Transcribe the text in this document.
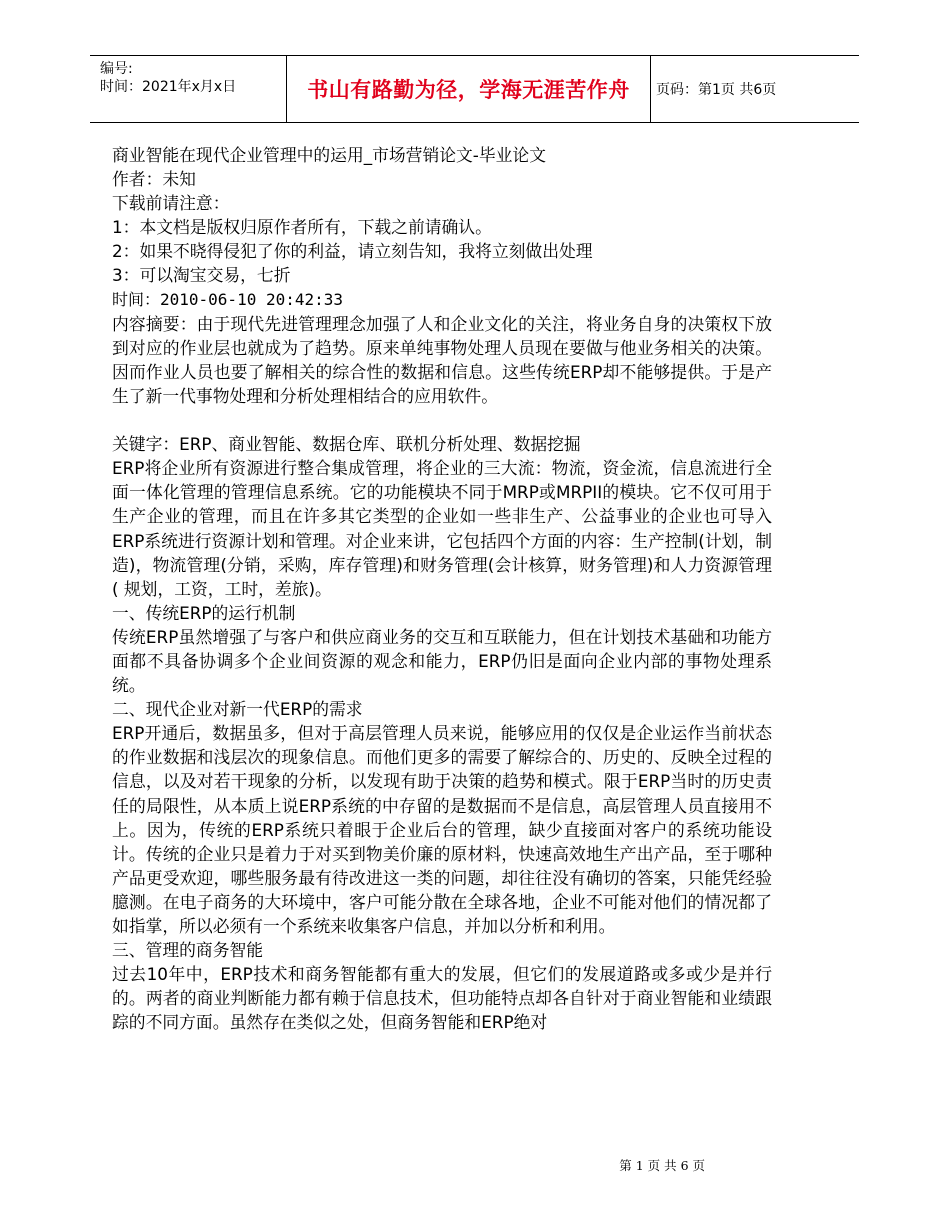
编号:
时间：2021年x月x日	书山有路勤为径，学海无涯苦作舟 页码：第1页 共6页

商业智能在现代企业管理中的运用_市场营销论文-毕业论文

作者：未知

下载前请注意：

1：本文档是版权归原作者所有，下载之前请确认。

2：如果不晓得侵犯了你的利益，请立刻告知，我将立刻做出处理

3：可以淘宝交易，七折

时间：2010-06-10 20:42:33

内容摘要：由于现代先进管理理念加强了人和企业文化的关注，将业务自身的决策权下放到对应的作业层也就成为了趋势。原来单纯事物处理人员现在要做与他业务相关的决策。因而作业人员也要了解相关的综合性的数据和信息。这些传统ERP却不能够提供。于是产生了新一代事物处理和分析处理相结合的应用软件。

关键字：ERP、商业智能、数据仓库、联机分析处理、数据挖掘

ERP将企业所有资源进行整合集成管理，将企业的三大流：物流，资金流，信息流进行全面一体化管理的管理信息系统。它的功能模块不同于MRP或MRPII的模块。它不仅可用于生产企业的管理，而且在许多其它类型的企业如一些非生产、公益事业的企业也可导入ERP系统进行资源计划和管理。对企业来讲，它包括四个方面的内容：生产控制(计划，制造)，物流管理(分销，采购，库存管理)和财务管理(会计核算，财务管理)和人力资源管理( 规划，工资，工时，差旅)。

一、传统ERP的运行机制

传统ERP虽然增强了与客户和供应商业务的交互和互联能力，但在计划技术基础和功能方面都不具备协调多个企业间资源的观念和能力，ERP仍旧是面向企业内部的事物处理系统。

二、现代企业对新一代ERP的需求

ERP开通后，数据虽多，但对于高层管理人员来说，能够应用的仅仅是企业运作当前状态的作业数据和浅层次的现象信息。而他们更多的需要了解综合的、历史的、反映全过程的信息，以及对若干现象的分析，以发现有助于决策的趋势和模式。限于ERP当时的历史责任的局限性，从本质上说ERP系统的中存留的是数据而不是信息，高层管理人员直接用不上。因为，传统的ERP系统只着眼于企业后台的管理，缺少直接面对客户的系统功能设计。传统的企业只是着力于对买到物美价廉的原材料，快速高效地生产出产品，至于哪种产品更受欢迎，哪些服务最有待改进这一类的问题，却往往没有确切的答案，只能凭经验臆测。在电子商务的大环境中，客户可能分散在全球各地，企业不可能对他们的情况都了如指掌，所以必须有一个系统来收集客户信息，并加以分析和利用。

三、管理的商务智能

过去10年中，ERP技术和商务智能都有重大的发展，但它们的发展道路或多或少是并行的。两者的商业判断能力都有赖于信息技术，但功能特点却各自针对于商业智能和业绩跟踪的不同方面。虽然存在类似之处，但商务智能和ERP绝对

第 1 页 共 6 页
